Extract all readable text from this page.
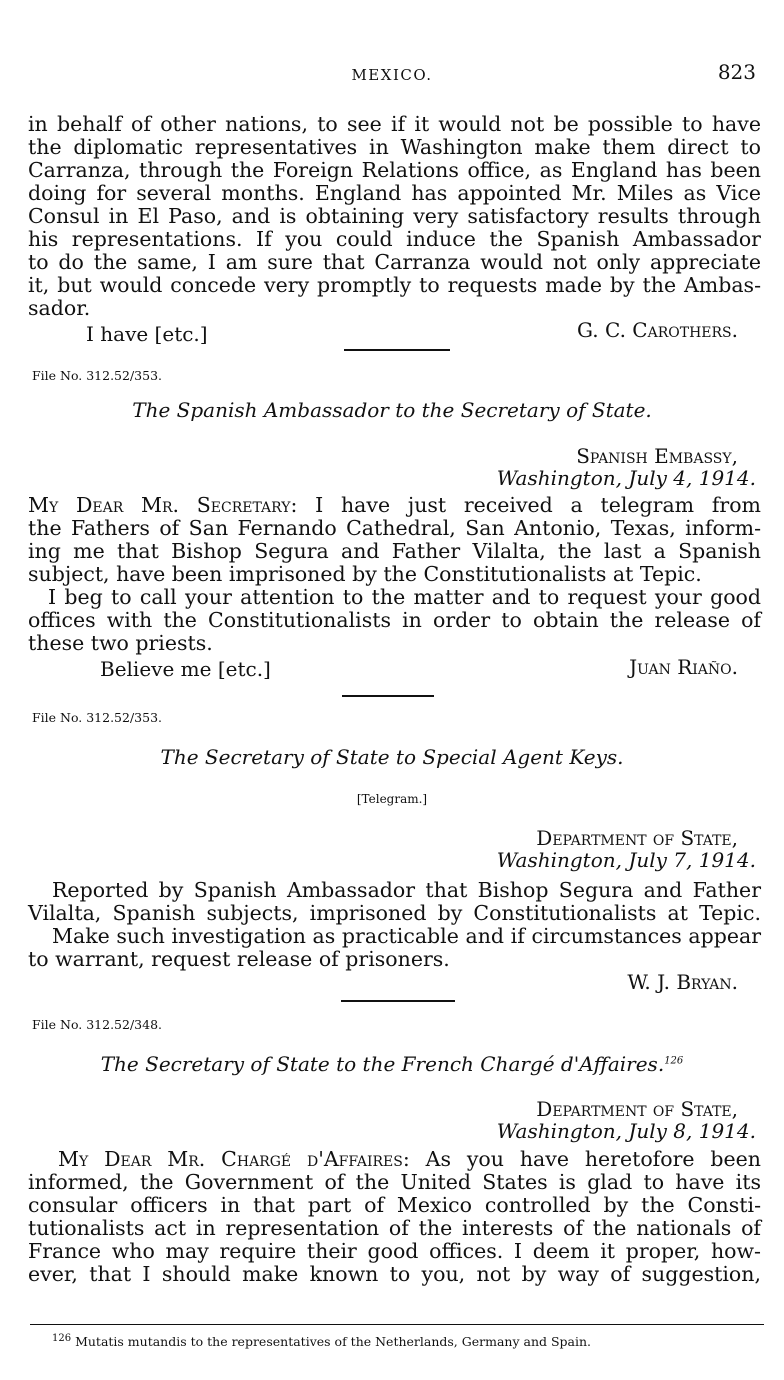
MEXICO.	823
in behalf of other nations, to see if it would not be possible to have
the diplomatic representatives in Washington make them direct to
Carranza, through the Foreign Relations office, as England has been
doing for several months. England has appointed Mr. Miles as Vice
Consul in El Paso, and is obtaining very satisfactory results through
his representations. If you could induce the Spanish Ambassador
to do the same, I am sure that Carranza would not only appreciate
it, but would concede very promptly to requests made by the Ambas-
sador.
I have [etc.]	G. C. Carothers.
File No. 312.52/353.
The Spanish Ambassador to the Secretary of State.
Spanish Embassy,
Washington, July 4, 1914.
My Dear Mr. Secretary: I have just received a telegram from
the Fathers of San Fernando Cathedral, San Antonio, Texas, inform-
ing me that Bishop Segura and Father Vilalta, the last a Spanish
subject, have been imprisoned by the Constitutionalists at Tepic.
I beg to call your attention to the matter and to request your good
offices with the Constitutionalists in order to obtain the release of
these two priests.
Believe me [etc.]	Juan Riaño.
File No. 312.52/353.
The Secretary of State to Special Agent Keys.
[Telegram.]
Department of State,
Washington, July 7, 1914.
Reported by Spanish Ambassador that Bishop Segura and Father
Vilalta, Spanish subjects, imprisoned by Constitutionalists at Tepic.
Make such investigation as practicable and if circumstances appear
to warrant, request release of prisoners.
W. J. Bryan.
File No. 312.52/348.
The Secretary of State to the French Chargé d'Affaires.$^{126}$
Department of State,
Washington, July 8, 1914.
My Dear Mr. Chargé d'Affaires: As you have heretofore been
informed, the Government of the United States is glad to have its
consular officers in that part of Mexico controlled by the Consti-
tutionalists act in representation of the interests of the nationals of
France who may require their good offices. I deem it proper, how-
ever, that I should make known to you, not by way of suggestion,
$^{126}$ Mutatis mutandis to the representatives of the Netherlands, Germany and Spain.
